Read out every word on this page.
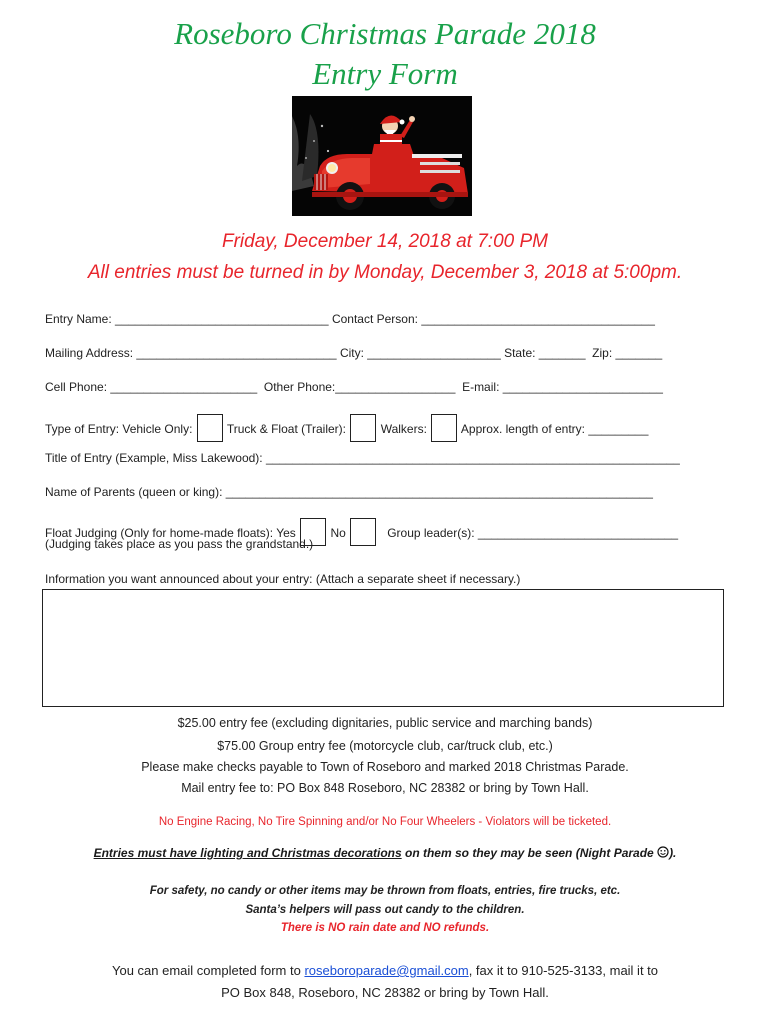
Roseboro Christmas Parade 2018
Entry Form
Friday, December 14, 2018 at 7:00 PM
All entries must be turned in by Monday, December 3, 2018 at 5:00pm.
Entry Name: ________________________________ Contact Person: ___________________________________
Mailing Address: ______________________________ City: ____________________ State: _______ Zip: _______
Cell Phone: ______________________ Other Phone:__________________ E-mail: ________________________
Type of Entry: Vehicle Only:	Truck & Float (Trailer):	Walkers:	Approx. length of entry: _________
Title of Entry (Example, Miss Lakewood): ______________________________________________________________
Name of Parents (queen or king): ________________________________________________________________
Float Judging (Only for home-made floats): Yes	No	Group leader(s): ______________________________
(Judging takes place as you pass the grandstand.)
Information you want announced about your entry: (Attach a separate sheet if necessary.)
$25.00 entry fee (excluding dignitaries, public service and marching bands)
$75.00 Group entry fee (motorcycle club, car/truck club, etc.)
Please make checks payable to Town of Roseboro and marked 2018 Christmas Parade.
Mail entry fee to: PO Box 848 Roseboro, NC 28382 or bring by Town Hall.
No Engine Racing, No Tire Spinning and/or No Four Wheelers - Violators will be ticketed.
Entries must have lighting and Christmas decorations on them so they may be seen (Night Parade ).
For safety, no candy or other items may be thrown from floats, entries, fire trucks, etc.
Santa’s helpers will pass out candy to the children.
There is NO rain date and NO refunds.
You can email completed form to roseboroparade@gmail.com, fax it to 910-525-3133, mail it to
PO Box 848, Roseboro, NC 28382 or bring by Town Hall.
